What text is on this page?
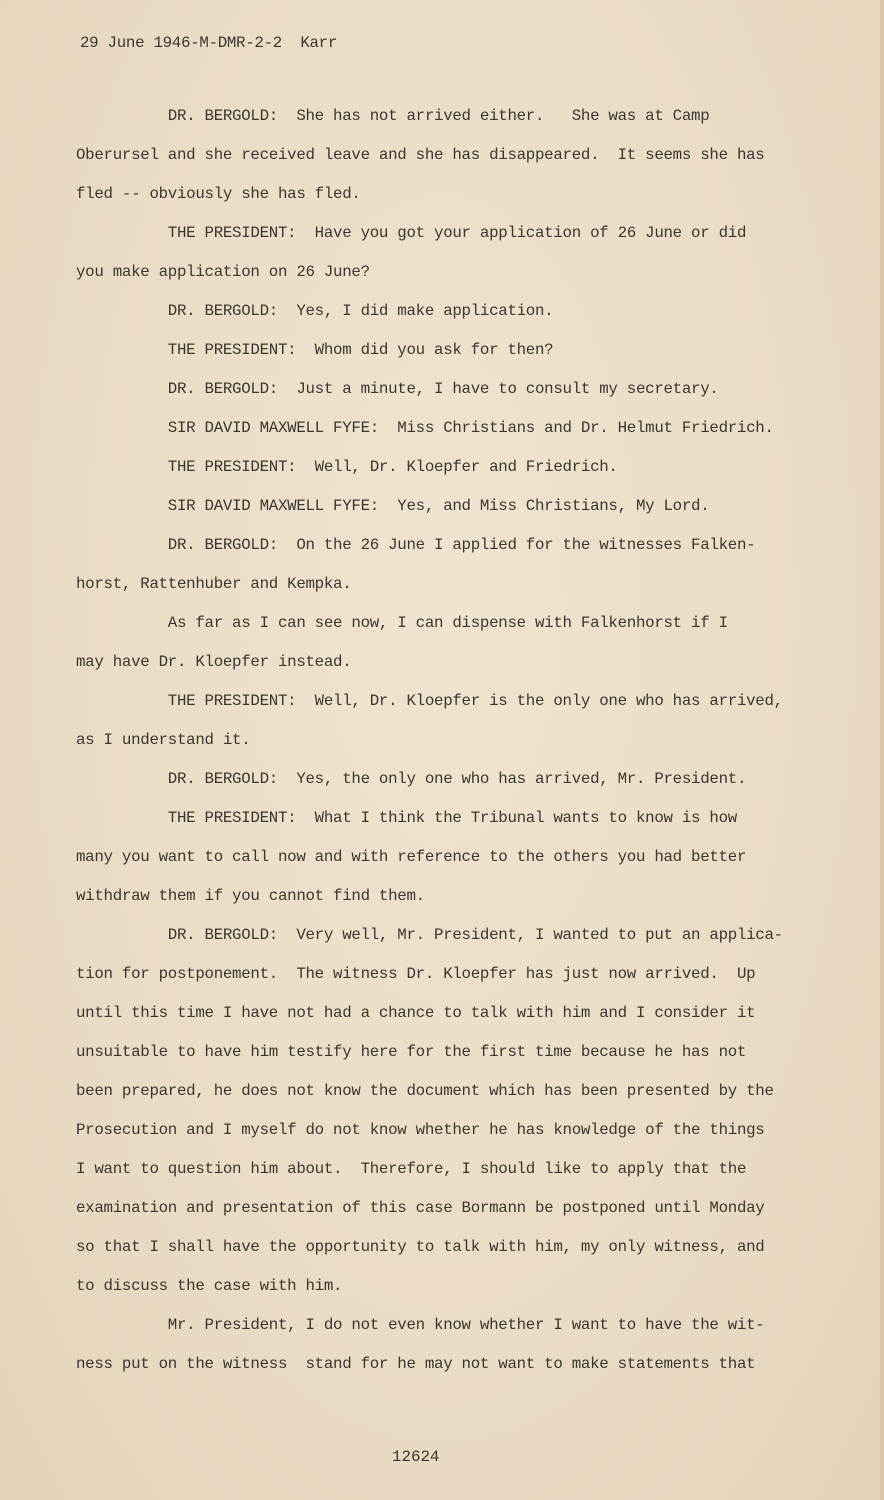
29 June 1946-M-DMR-2-2  Karr
DR. BERGOLD:  She has not arrived either.   She was at Camp
Oberursel and she received leave and she has disappeared.  It seems she has
fled -- obviously she has fled.
THE PRESIDENT:  Have you got your application of 26 June or did
you make application on 26 June?
DR. BERGOLD:  Yes, I did make application.
THE PRESIDENT:  Whom did you ask for then?
DR. BERGOLD:  Just a minute, I have to consult my secretary.
SIR DAVID MAXWELL FYFE:  Miss Christians and Dr. Helmut Friedrich.
THE PRESIDENT:  Well, Dr. Kloepfer and Friedrich.
SIR DAVID MAXWELL FYFE:  Yes, and Miss Christians, My Lord.
DR. BERGOLD:  On the 26 June I applied for the witnesses Falken-
horst, Rattenhuber and Kempka.
As far as I can see now, I can dispense with Falkenhorst if I
may have Dr. Kloepfer instead.
THE PRESIDENT:  Well, Dr. Kloepfer is the only one who has arrived,
as I understand it.
DR. BERGOLD:  Yes, the only one who has arrived, Mr. President.
THE PRESIDENT:  What I think the Tribunal wants to know is how
many you want to call now and with reference to the others you had better
withdraw them if you cannot find them.
DR. BERGOLD:  Very well, Mr. President, I wanted to put an applica-
tion for postponement.  The witness Dr. Kloepfer has just now arrived.  Up
until this time I have not had a chance to talk with him and I consider it
unsuitable to have him testify here for the first time because he has not
been prepared, he does not know the document which has been presented by the
Prosecution and I myself do not know whether he has knowledge of the things
I want to question him about.  Therefore, I should like to apply that the
examination and presentation of this case Bormann be postponed until Monday
so that I shall have the opportunity to talk with him, my only witness, and
to discuss the case with him.
Mr. President, I do not even know whether I want to have the wit-
ness put on the witness  stand for he may not want to make statements that
12624
